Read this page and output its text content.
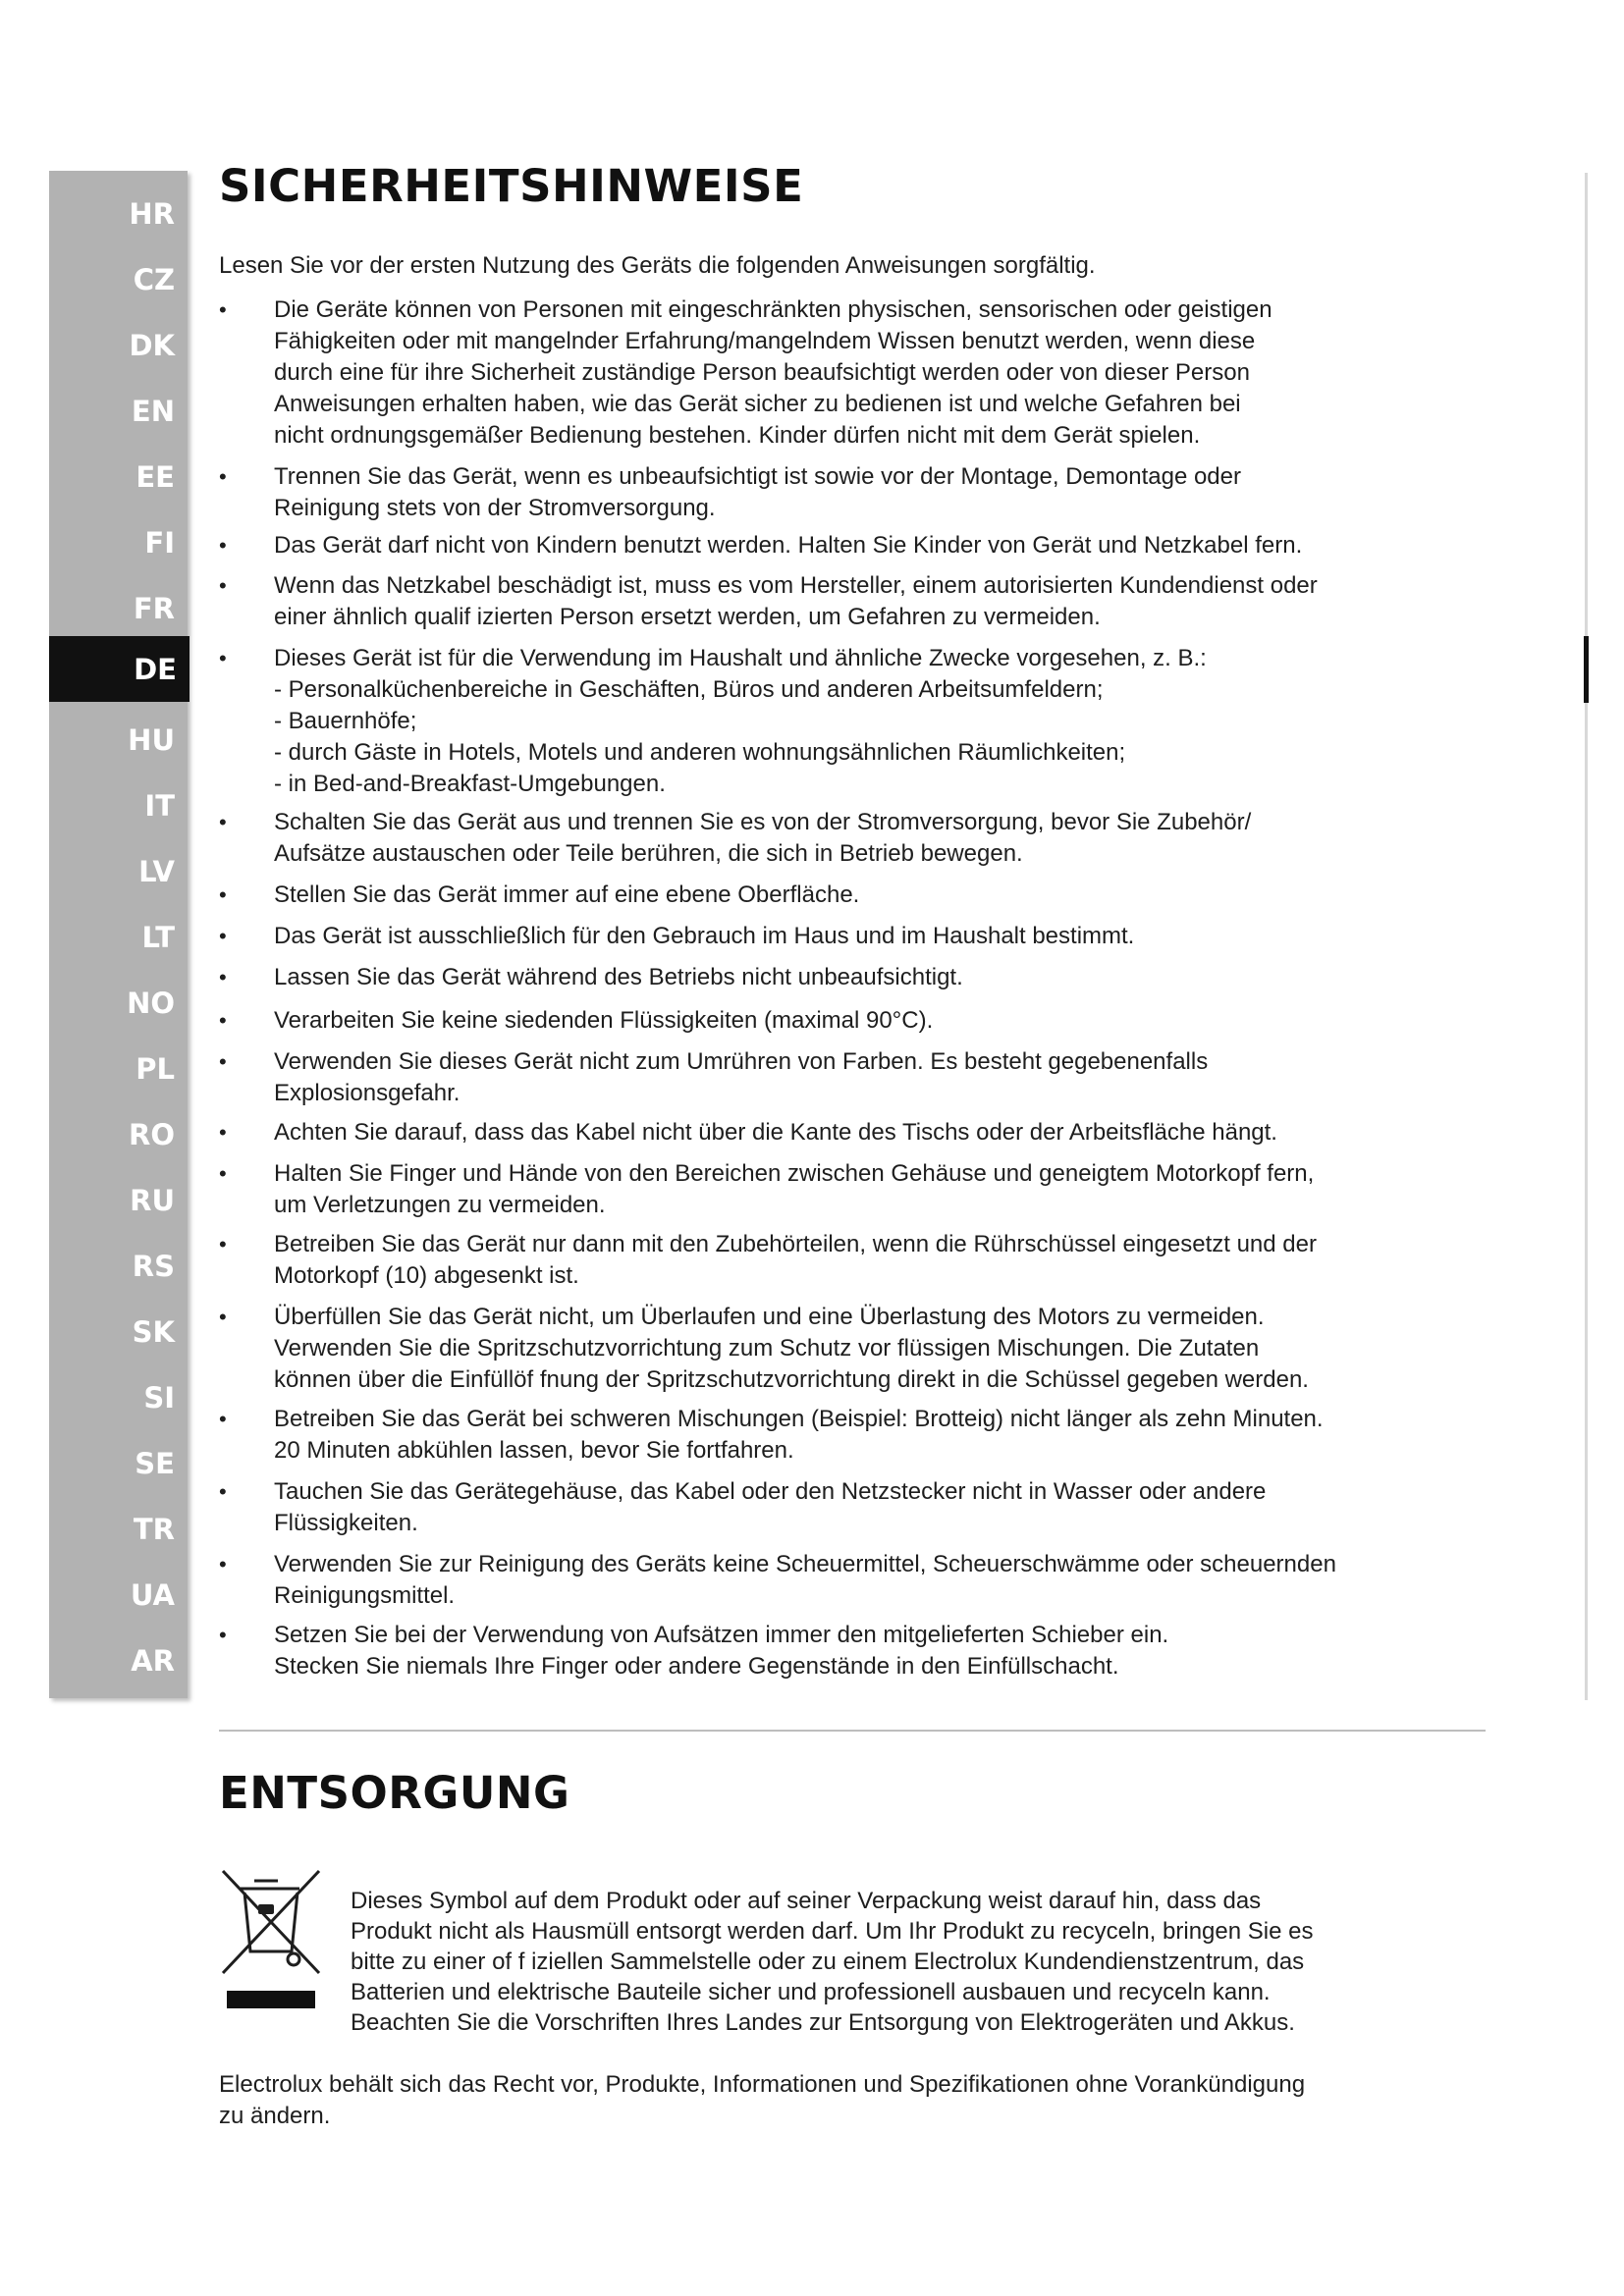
HR
CZ
DK
EN
EE
FI
FR
DE
HU
IT
LV
LT
NO
PL
RO
RU
RS
SK
SI
SE
TR
UA
AR
SICHERHEITSHINWEISE

Lesen Sie vor der ersten Nutzung des Geräts die folgenden Anweisungen sorgfältig.

•	Die Geräte können von Personen mit eingeschränkten physischen, sensorischen oder geistigen
Fähigkeiten oder mit mangelnder Erfahrung/mangelndem Wissen benutzt werden, wenn diese
durch eine für ihre Sicherheit zuständige Person beaufsichtigt werden oder von dieser Person
Anweisungen erhalten haben, wie das Gerät sicher zu bedienen ist und welche Gefahren bei
nicht ordnungsgemäßer Bedienung bestehen. Kinder dürfen nicht mit dem Gerät spielen.
•	Trennen Sie das Gerät, wenn es unbeaufsichtigt ist sowie vor der Montage, Demontage oder
Reinigung stets von der Stromversorgung.
•	Das Gerät darf nicht von Kindern benutzt werden. Halten Sie Kinder von Gerät und Netzkabel fern.
•	Wenn das Netzkabel beschädigt ist, muss es vom Hersteller, einem autorisierten Kundendienst oder
einer ähnlich qualif izierten Person ersetzt werden, um Gefahren zu vermeiden.
•	Dieses Gerät ist für die Verwendung im Haushalt und ähnliche Zwecke vorgesehen, z. B.:
- Personalküchenbereiche in Geschäften, Büros und anderen Arbeitsumfeldern;
- Bauernhöfe;
- durch Gäste in Hotels, Motels und anderen wohnungsähnlichen Räumlichkeiten;
- in Bed-and-Breakfast-Umgebungen.
•	Schalten Sie das Gerät aus und trennen Sie es von der Stromversorgung, bevor Sie Zubehör/
Aufsätze austauschen oder Teile berühren, die sich in Betrieb bewegen.
•	Stellen Sie das Gerät immer auf eine ebene Oberfläche.
•	Das Gerät ist ausschließlich für den Gebrauch im Haus und im Haushalt bestimmt.
•	Lassen Sie das Gerät während des Betriebs nicht unbeaufsichtigt.
•	Verarbeiten Sie keine siedenden Flüssigkeiten (maximal 90°C).
•	Verwenden Sie dieses Gerät nicht zum Umrühren von Farben. Es besteht gegebenenfalls
Explosionsgefahr.
•	Achten Sie darauf, dass das Kabel nicht über die Kante des Tischs oder der Arbeitsfläche hängt.
•	Halten Sie Finger und Hände von den Bereichen zwischen Gehäuse und geneigtem Motorkopf fern,
um Verletzungen zu vermeiden.
•	Betreiben Sie das Gerät nur dann mit den Zubehörteilen, wenn die Rührschüssel eingesetzt und der
Motorkopf (10) abgesenkt ist.
•	Überfüllen Sie das Gerät nicht, um Überlaufen und eine Überlastung des Motors zu vermeiden.
Verwenden Sie die Spritzschutzvorrichtung zum Schutz vor flüssigen Mischungen. Die Zutaten
können über die Einfüllöf fnung der Spritzschutzvorrichtung direkt in die Schüssel gegeben werden.
•	Betreiben Sie das Gerät bei schweren Mischungen (Beispiel: Brotteig) nicht länger als zehn Minuten.
20 Minuten abkühlen lassen, bevor Sie fortfahren.
•	Tauchen Sie das Gerätegehäuse, das Kabel oder den Netzstecker nicht in Wasser oder andere
Flüssigkeiten.
•	Verwenden Sie zur Reinigung des Geräts keine Scheuermittel, Scheuerschwämme oder scheuernden
Reinigungsmittel.
•	Setzen Sie bei der Verwendung von Aufsätzen immer den mitgelieferten Schieber ein.
Stecken Sie niemals Ihre Finger oder andere Gegenstände in den Einfüllschacht.
ENTSORGUNG

Dieses Symbol auf dem Produkt oder auf seiner Verpackung weist darauf hin, dass das
Produkt nicht als Hausmüll entsorgt werden darf. Um Ihr Produkt zu recyceln, bringen Sie es
bitte zu einer of f iziellen Sammelstelle oder zu einem Electrolux Kundendienstzentrum, das
Batterien und elektrische Bauteile sicher und professionell ausbauen und recyceln kann.
Beachten Sie die Vorschriften Ihres Landes zur Entsorgung von Elektrogeräten und Akkus.

Electrolux behält sich das Recht vor, Produkte, Informationen und Spezifikationen ohne Vorankündigung
zu ändern.
